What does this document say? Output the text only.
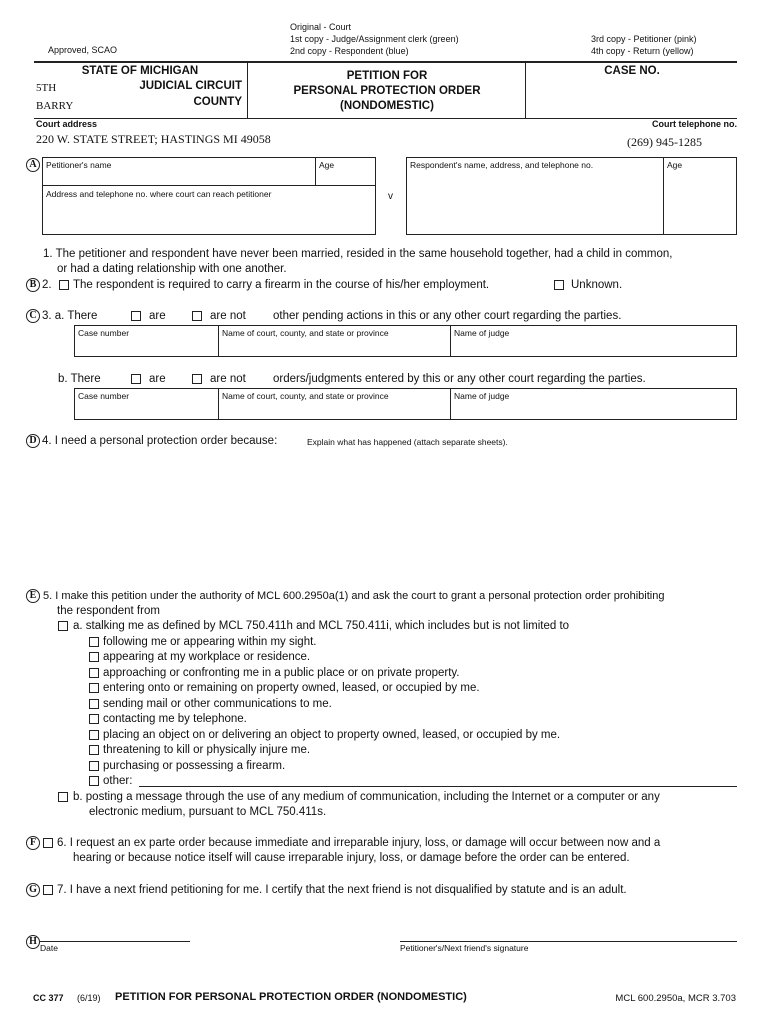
Original - Court
1st copy - Judge/Assignment clerk (green)
2nd copy - Respondent (blue)
3rd copy - Petitioner (pink)
4th copy - Return (yellow)
Approved, SCAO
STATE OF MICHIGAN
5TH	JUDICIAL CIRCUIT
BARRY	COUNTY
PETITION FOR
PERSONAL PROTECTION ORDER
(NONDOMESTIC)
CASE NO.
Court address	Court telephone no.
220 W. STATE STREET; HASTINGS MI 49058	(269) 945-1285
A	Petitioner's name	Age
Address and telephone no. where court can reach petitioner	v
Respondent's name, address, and telephone no.	Age
1. The petitioner and respondent have never been married, resided in the same household together, had a child in common,
or had a dating relationship with one another.
B 2. The respondent is required to carry a firearm in the course of his/her employment.	Unknown.
C 3. a. There	are	are not other pending actions in this or any other court regarding the parties.
Case number	Name of court, county, and state or province	Name of judge
b. There	are	are not orders/judgments entered by this or any other court regarding the parties.
Case number	Name of court, county, and state or province	Name of judge
D 4. I need a personal protection order because:	Explain what has happened (attach separate sheets).
E 5. I make this petition under the authority of MCL 600.2950a(1) and ask the court to grant a personal protection order prohibiting
the respondent from
a. stalking me as defined by MCL 750.411h and MCL 750.411i, which includes but is not limited to
following me or appearing within my sight.
appearing at my workplace or residence.
approaching or confronting me in a public place or on private property.
entering onto or remaining on property owned, leased, or occupied by me.
sending mail or other communications to me.
contacting me by telephone.
placing an object on or delivering an object to property owned, leased, or occupied by me.
threatening to kill or physically injure me.
purchasing or possessing a firearm.
other:
b. posting a message through the use of any medium of communication, including the Internet or a computer or any
electronic medium, pursuant to MCL 750.411s.
F	6. I request an ex parte order because immediate and irreparable injury, loss, or damage will occur between now and a
hearing or because notice itself will cause irreparable injury, loss, or damage before the order can be entered.
G 7. I have a next friend petitioning for me. I certify that the next friend is not disqualified by statute and is an adult.
H
Date	Petitioner's/Next friend's signature
CC 377 (6/19) PETITION FOR PERSONAL PROTECTION ORDER (NONDOMESTIC)	MCL 600.2950a, MCR 3.703
